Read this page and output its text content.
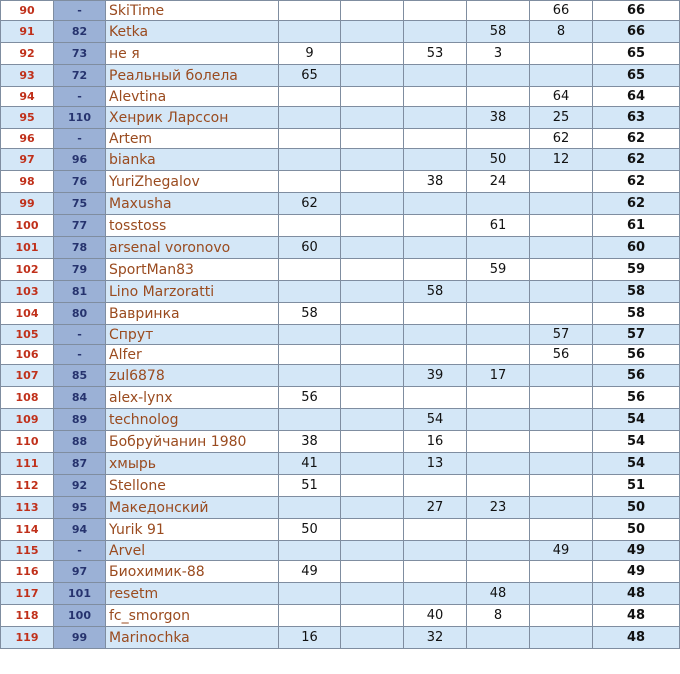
90	-	SkiTime					66	66
91	82	Ketka				58	8	66
92	73	не я	9		53	3		65
93	72	Реальный болела	65					65
94	-	Alevtina					64	64
95	110	Хенрик Ларссон				38	25	63
96	-	Artem					62	62
97	96	bianka				50	12	62
98	76	YuriZhegalov			38	24		62
99	75	Maxusha	62					62
100	77	tosstoss				61		61
101	78	arsenal voronovo	60					60
102	79	SportMan83				59		59
103	81	Lino Marzoratti			58			58
104	80	Вавринка	58					58
105	-	Спрут					57	57
106	-	Alfer					56	56
107	85	zul6878			39	17		56
108	84	alex-lynx	56					56
109	89	technolog			54			54
110	88	Бобруйчанин 1980	38		16			54
111	87	хмырь	41		13			54
112	92	Stellone	51					51
113	95	Македонский			27	23		50
114	94	Yurik 91	50					50
115	-	Arvel					49	49
116	97	Биохимик-88	49					49
117	101	resetm				48		48
118	100	fc_smorgon			40	8		48
119	99	Marinochka	16		32			48
